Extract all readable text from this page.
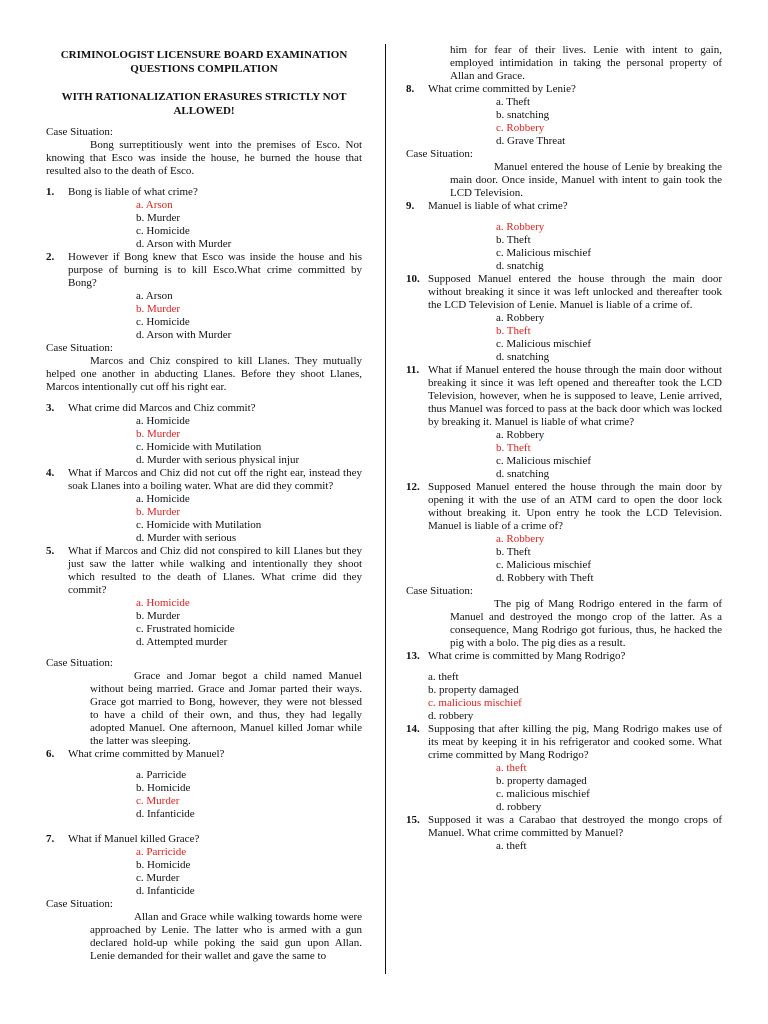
CRIMINOLOGIST LICENSURE BOARD EXAMINATION QUESTIONS COMPILATION
WITH RATIONALIZATION ERASURES STRICTLY NOT ALLOWED!
Case Situation:
Bong surreptitiously went into the premises of Esco. Not knowing that Esco was inside the house, he burned the house that resulted also to the death of Esco.
1.	Bong is liable of what crime?
a. Arson
b. Murder
c. Homicide
d. Arson with Murder
2.	However if Bong knew that Esco was inside the house and his purpose of burning is to kill Esco.What crime committed by Bong?
a. Arson
b. Murder
c. Homicide
d. Arson with Murder
Case Situation:
Marcos and Chiz conspired to kill Llanes. They mutually helped one another in abducting Llanes. Before they shoot Llanes, Marcos intentionally cut off his right ear.
3.	What crime did Marcos and Chiz commit?
a. Homicide
b. Murder
c. Homicide with Mutilation
d. Murder with serious physical injur
4.	What if Marcos and Chiz did not cut off the right ear, instead they soak Llanes into a boiling water. What are did they commit?
a. Homicide
b. Murder
c. Homicide with Mutilation
d. Murder with serious
5.	What if Marcos and Chiz did not conspired to kill Llanes but they just saw the latter while walking and intentionally they shoot which resulted to the death of Llanes. What crime did they commit?
a. Homicide
b. Murder
c. Frustrated homicide
d. Attempted murder
Case Situation:
Grace and Jomar begot a child named Manuel without being married. Grace and Jomar parted their ways. Grace got married to Bong, however, they were not blessed to have a child of their own, and thus, they had legally adopted Manuel. One afternoon, Manuel killed Jomar while the latter was sleeping.
6.	What crime committed by Manuel?
a. Parricide
b. Homicide
c. Murder
d. Infanticide
7.	What if Manuel killed Grace?
a. Parricide
b. Homicide
c. Murder
d. Infanticide
Case Situation:
Allan and Grace while walking towards home were approached by Lenie. The latter who is armed with a gun declared hold-up while poking the said gun upon Allan. Lenie demanded for their wallet and gave the same to
him for fear of their lives. Lenie with intent to gain, employed intimidation in taking the personal property of Allan and Grace.
8.	What crime committed by Lenie?
a. Theft
b. snatching
c. Robbery
d. Grave Threat
Case Situation:
Manuel entered the house of Lenie by breaking the main door. Once inside, Manuel with intent to gain took the LCD Television.
9.	Manuel is liable of what crime?
a. Robbery
b. Theft
c. Malicious mischief
d. snatchig
10. Supposed Manuel entered the house through the main door without breaking it since it was left unlocked and thereafter took the LCD Television of Lenie. Manuel is liable of a crime of.
a. Robbery
b. Theft
c. Malicious mischief
d. snatching
11. What if Manuel entered the house through the main door without breaking it since it was left opened and thereafter took the LCD Television, however, when he is supposed to leave, Lenie arrived, thus Manuel was forced to pass at the back door which was locked by breaking it. Manuel is liable of what crime?
a. Robbery
b. Theft
c. Malicious mischief
d. snatching
12. Supposed Manuel entered the house through the main door by opening it with the use of an ATM card to open the door lock without breaking it. Upon entry he took the LCD Television. Manuel is liable of a crime of?
a. Robbery
b. Theft
c. Malicious mischief
d. Robbery with Theft
Case Situation:
The pig of Mang Rodrigo entered in the farm of Manuel and destroyed the mongo crop of the latter. As a consequence, Mang Rodrigo got furious, thus, he hacked the pig with a bolo. The pig dies as a result.
13. What crime is committed by Mang Rodrigo?
a. theft
b. property damaged
c. malicious mischief
d. robbery
14. Supposing that after killing the pig, Mang Rodrigo makes use of its meat by keeping it in his refrigerator and cooked some. What crime committed by Mang Rodrigo?
a. theft
b. property damaged
c. malicious mischief
d. robbery
15. Supposed it was a Carabao that destroyed the mongo crops of Manuel. What crime committed by Manuel?
a. theft
